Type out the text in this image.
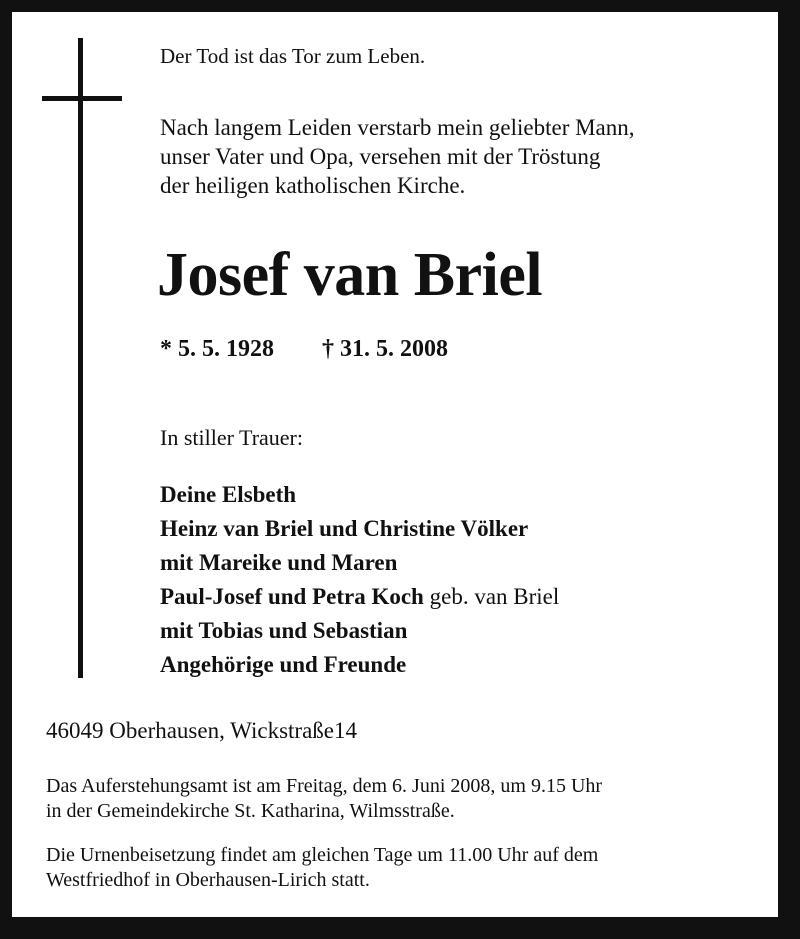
Der Tod ist das Tor zum Leben.
Nach langem Leiden verstarb mein geliebter Mann,
unser Vater und Opa, versehen mit der Tröstung
der heiligen katholischen Kirche.
Josef van Briel
* 5. 5. 1928 † 31. 5. 2008
In stiller Trauer:
Deine Elsbeth
Heinz van Briel und Christine Völker
mit Mareike und Maren
Paul-Josef und Petra Koch geb. van Briel
mit Tobias und Sebastian
Angehörige und Freunde
46049 Oberhausen, Wickstraße14
Das Auferstehungsamt ist am Freitag, dem 6. Juni 2008, um 9.15 Uhr
in der Gemeindekirche St. Katharina, Wilmsstraße.
Die Urnenbeisetzung findet am gleichen Tage um 11.00 Uhr auf dem
Westfriedhof in Oberhausen-Lirich statt.
